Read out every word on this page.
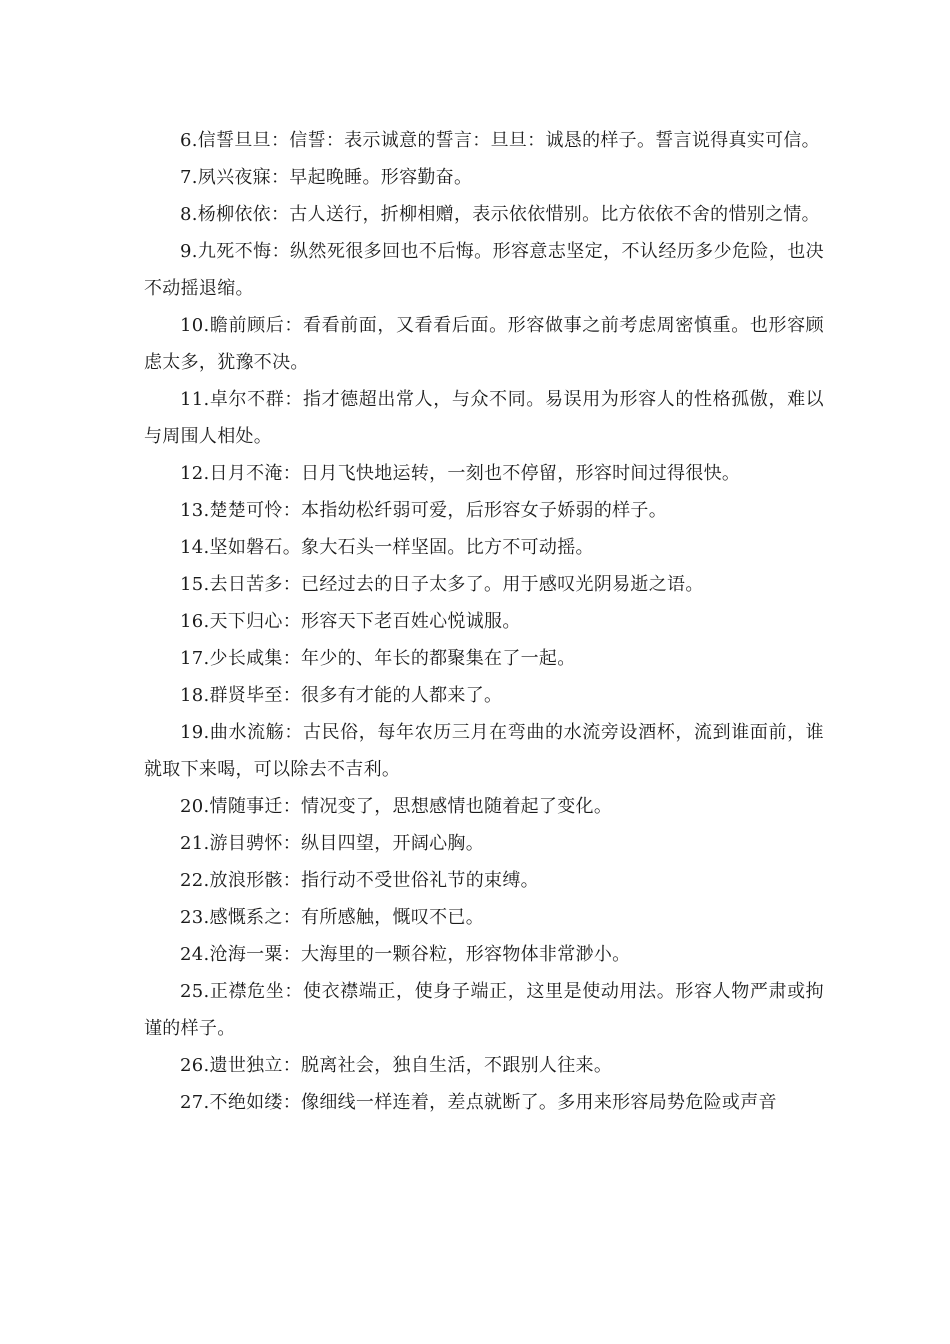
6.信誓旦旦：信誓：表示诚意的誓言：旦旦：诚恳的样子。誓言说得真实可信。

7.夙兴夜寐：早起晚睡。形容勤奋。

8.杨柳依依：古人送行，折柳相赠，表示依依惜别。比方依依不舍的惜别之情。

9.九死不悔：纵然死很多回也不后悔。形容意志坚定，不认经历多少危险，也决不动摇退缩。

10.瞻前顾后：看看前面，又看看后面。形容做事之前考虑周密慎重。也形容顾虑太多，犹豫不决。

11.卓尔不群：指才德超出常人，与众不同。易误用为形容人的性格孤傲，难以与周围人相处。

12.日月不淹：日月飞快地运转，一刻也不停留，形容时间过得很快。

13.楚楚可怜：本指幼松纤弱可爱，后形容女子娇弱的样子。

14.坚如磐石。象大石头一样坚固。比方不可动摇。

15.去日苦多：已经过去的日子太多了。用于感叹光阴易逝之语。

16.天下归心：形容天下老百姓心悦诚服。

17.少长咸集：年少的、年长的都聚集在了一起。

18.群贤毕至：很多有才能的人都来了。

19.曲水流觞：古民俗，每年农历三月在弯曲的水流旁设酒杯，流到谁面前，谁就取下来喝，可以除去不吉利。

20.情随事迁：情况变了，思想感情也随着起了变化。

21.游目骋怀：纵目四望，开阔心胸。

22.放浪形骸：指行动不受世俗礼节的束缚。

23.感慨系之：有所感触，慨叹不已。

24.沧海一粟：大海里的一颗谷粒，形容物体非常渺小。

25.正襟危坐：使衣襟端正，使身子端正，这里是使动用法。形容人物严肃或拘谨的样子。

26.遗世独立：脱离社会，独自生活，不跟别人往来。

27.不绝如缕：像细线一样连着，差点就断了。多用来形容局势危险或声音
